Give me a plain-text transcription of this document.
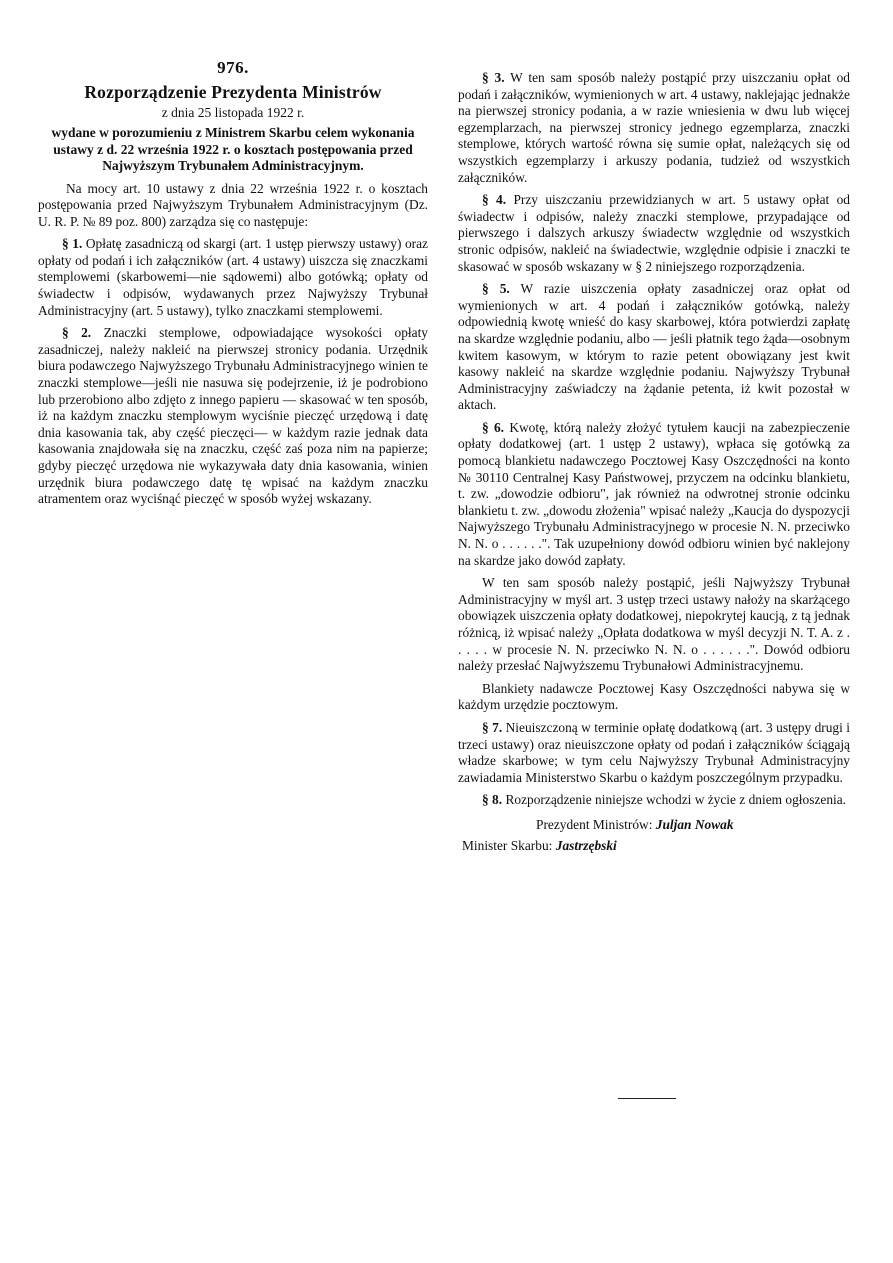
976.
Rozporządzenie Prezydenta Ministrów
z dnia 25 listopada 1922 r.
wydane w porozumieniu z Ministrem Skarbu celem wykonania ustawy z d. 22 września 1922 r. o kosztach postępowania przed Najwyższym Trybunałem Administracyjnym.

Na mocy art. 10 ustawy z dnia 22 września 1922 r. o kosztach postępowania przed Najwyższym Trybunałem Administracyjnym (Dz. U. R. P. № 89 poz. 800) zarządza się co następuje:

§ 1. Opłatę zasadniczą od skargi (art. 1 ustęp pierwszy ustawy) oraz opłaty od podań i ich załączników (art. 4 ustawy) uiszcza się znaczkami stemplowemi (skarbowemi—nie sądowemi) albo gotówką; opłaty od świadectw i odpisów, wydawanych przez Najwyższy Trybunał Administracyjny (art. 5 ustawy), tylko znaczkami stemplowemi.

§ 2. Znaczki stemplowe, odpowiadające wysokości opłaty zasadniczej, należy nakleić na pierwszej stronicy podania. Urzędnik biura podawczego Najwyższego Trybunału Administracyjnego winien te znaczki stemplowe—jeśli nie nasuwa się podejrzenie, iż je podrobiono lub przerobiono albo zdjęto z innego papieru — skasować w ten sposób, iż na każdym znaczku stemplowym wyciśnie pieczęć urzędową i datę dnia kasowania tak, aby część pieczęci— w każdym razie jednak data kasowania znajdowała się na znaczku, część zaś poza nim na papierze; gdyby pieczęć urzędowa nie wykazywała daty dnia kasowania, winien urzędnik biura podawczego datę tę wpisać na każdym znaczku atramentem oraz wyciśnąć pieczęć w sposób wyżej wskazany.

§ 3. W ten sam sposób należy postąpić przy uiszczaniu opłat od podań i załączników, wymienionych w art. 4 ustawy, naklejając jednakże na pierwszej stronicy podania, a w razie wniesienia w dwu lub więcej egzemplarzach, na pierwszej stronicy jednego egzemplarza, znaczki stemplowe, których wartość równa się sumie opłat, należących się od wszystkich egzemplarzy i arkuszy podania, tudzież od wszystkich załączników.

§ 4. Przy uiszczaniu przewidzianych w art. 5 ustawy opłat od świadectw i odpisów, należy znaczki stemplowe, przypadające od pierwszego i dalszych arkuszy świadectw względnie od wszystkich stronic odpisów, nakleić na świadectwie, względnie odpisie i znaczki te skasować w sposób wskazany w § 2 niniejszego rozporządzenia.

§ 5. W razie uiszczenia opłaty zasadniczej oraz opłat od wymienionych w art. 4 podań i załączników gotówką, należy odpowiednią kwotę wnieść do kasy skarbowej, która potwierdzi zapłatę na skardze względnie podaniu, albo — jeśli płatnik tego żąda—osobnym kwitem kasowym, w którym to razie petent obowiązany jest kwit kasowy nakleić na skardze względnie podaniu. Najwyższy Trybunał Administracyjny zaświadczy na żądanie petenta, iż kwit pozostał w aktach.

§ 6. Kwotę, którą należy złożyć tytułem kaucji na zabezpieczenie opłaty dodatkowej (art. 1 ustęp 2 ustawy), wpłaca się gotówką za pomocą blankietu nadawczego Pocztowej Kasy Oszczędności na konto № 30110 Centralnej Kasy Państwowej, przyczem na odcinku blankietu, t. zw. „dowodzie odbioru", jak również na odwrotnej stronie odcinku blankietu t. zw. „dowodu złożenia" wpisać należy „Kaucja do dyspozycji Najwyższego Trybunału Administracyjnego w procesie N. N. przeciwko N. N. o . . . . . .". Tak uzupełniony dowód odbioru winien być naklejony na skardze jako dowód zapłaty.

W ten sam sposób należy postąpić, jeśli Najwyższy Trybunał Administracyjny w myśl art. 3 ustęp trzeci ustawy nałoży na skarżącego obowiązek uiszczenia opłaty dodatkowej, niepokrytej kaucją, z tą jednak różnicą, iż wpisać należy „Opłata dodatkowa w myśl decyzji N. T. A. z . . . . . w procesie N. N. przeciwko N. N. o . . . . . .". Dowód odbioru należy przesłać Najwyższemu Trybunałowi Administracyjnemu.

Blankiety nadawcze Pocztowej Kasy Oszczędności nabywa się w każdym urzędzie pocztowym.

§ 7. Nieuiszczoną w terminie opłatę dodatkową (art. 3 ustępy drugi i trzeci ustawy) oraz nieuiszczone opłaty od podań i załączników ściągają władze skarbowe; w tym celu Najwyższy Trybunał Administracyjny zawiadamia Ministerstwo Skarbu o każdym poszczególnym przypadku.

§ 8. Rozporządzenie niniejsze wchodzi w życie z dniem ogłoszenia.

Prezydent Ministrów: Juljan Nowak
Minister Skarbu: Jastrzębski
